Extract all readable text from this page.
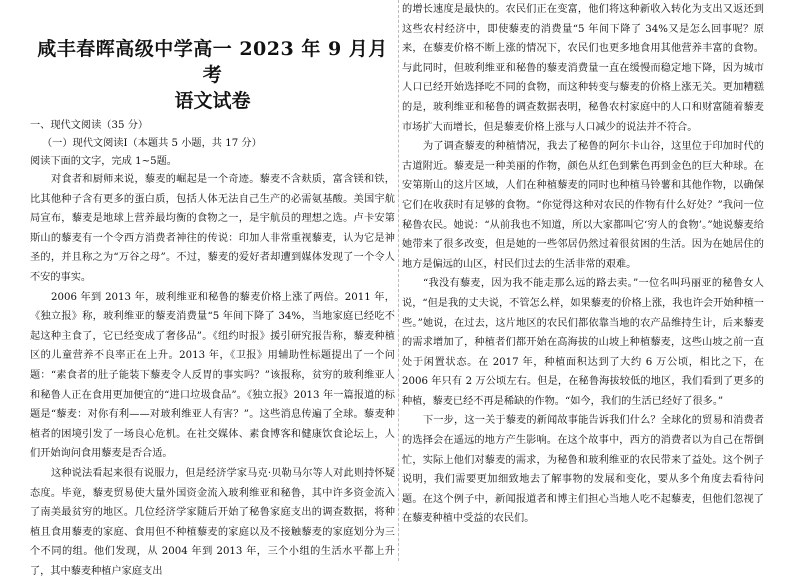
咸丰春晖高级中学高一 2023 年 9 月月考
语文试卷
一、现代文阅读（35 分）
（一）现代文阅读Ⅰ（本题共 5 小题，共 17 分）
阅读下面的文字，完成 1~5题。

对食者和厨师来说，藜麦的崛起是一个奇迹。藜麦不含麸质，富含镁和铁，比其他种子含有更多的蛋白质，包括人体无法自己生产的必需氨基酸。美国宇航局宣布，藜麦是地球上营养最均衡的食物之一，是宇航员的理想之选。卢卡安第斯山的藜麦有一个令西方消费者神往的传说：印加人非常重视藜麦，认为它是神圣的，并且称之为“万谷之母”。不过，藜麦的爱好者却遭到媒体发现了一个令人不安的事实。

2006 年到 2013 年，玻利维亚和秘鲁的藜麦价格上涨了两倍。2011 年，《独立报》称，玻利维亚的藜麦消费量“5 年间下降了 34%，当地家庭已经吃不起这种主食了，它已经变成了奢侈品”。《纽约时报》援引研究报告称，藜麦种植区的儿童营养不良率正在上升。2013 年，《卫报》用辅助性标题提出了一个问题：“素食者的肚子能装下藜麦令人反胃的事实吗？”该报称，贫穷的玻利维亚人和秘鲁人正在食用更加便宜的“进口垃圾食品”。《独立报》2013 年一篇报道的标题是“藜麦：对你有利——对玻利维亚人有害？”。这些消息传遍了全球。藜麦种植者的困境引发了一场良心危机。在社交媒体、素食博客和健康饮食论坛上，人们开始询问食用藜麦是否合适。

这种说法看起来很有说服力，但是经济学家马克·贝勒马尔等人对此则持怀疑态度。毕竟，藜麦贸易使大量外国资金流入玻利维亚和秘鲁，其中许多资金流入了南美最贫穷的地区。几位经济学家随后开始了秘鲁家庭支出的调查数据，将种植且食用藜麦的家庭、食用但不种植藜麦的家庭以及不接触藜麦的家庭划分为三个不同的组。他们发现，从 2004 年到 2013 年，三个小组的生活水平都上升了，其中藜麦种植户家庭支出

的增长速度是最快的。农民们正在变富，他们将这种新收入转化为支出又返还到这些农村经济中，即使藜麦的消费量“5 年间下降了 34%又是怎么回事呢？原来，在藜麦价格不断上涨的情况下，农民们也更多地食用其他营养丰富的食物。与此同时，但玻利维亚和秘鲁的藜麦消费量一直在缓慢而稳定地下降，因为城市人口已经开始选择吃不同的食物，而这种转变与藜麦的价格上涨无关。更加糟糕的是，玻利维亚和秘鲁的调查数据表明，秘鲁农村家庭中的人口和财富随着藜麦市场扩大而增长，但是藜麦价格上涨与人口减少的说法并不符合。

为了调查藜麦的种植情况，我去了秘鲁的阿尔卡山谷，这里位于印加时代的古道附近。藜麦是一种美丽的作物，颜色从红色到紫色再到金色的巨大种球。在安第斯山的这片区域，人们在种植藜麦的同时也种植马铃薯和其他作物，以确保它们在收获时有足够的食物。“你觉得这种对农民的作物有什么好处？”我问一位秘鲁农民。她说：“从前我也不知道，所以大家都叫它‘穷人的食物’。”她说藜麦给她带来了很多改变，但是她的一些邻居仍然过着很贫困的生活。因为在她居住的地方是偏远的山区，村民们过去的生活非常的艰难。

“我没有藜麦，因为我不能走那么远的路去卖。”一位名叫玛丽亚的秘鲁女人说，“但是我的丈夫说，不管怎么样，如果藜麦的价格上涨，我也许会开始种植一些。”她说，在过去，这片地区的农民们都依靠当地的农产品维持生计，后来藜麦的需求增加了，种植者们都开始在高海拔的山坡上种植藜麦，这些山坡之前一直处于闲置状态。在 2017 年，种植面积达到了大约 6 万公顷，相比之下，在 2006 年只有 2 万公顷左右。但是，在秘鲁海拔较低的地区，我们看到了更多的种植，藜麦已经不再是稀缺的作物。“如今，我们的生活已经好了很多。”

下一步，这一关于藜麦的新闻故事能告诉我们什么？全球化的贸易和消费者的选择会在遥远的地方产生影响。在这个故事中，西方的消费者以为自己在帮倒忙，实际上他们对藜麦的需求，为秘鲁和玻利维亚的农民带来了益处。这个例子说明，我们需要更加细致地去了解事物的发展和变化，要从多个角度去看待问题。在这个例子中，新闻报道者和博主们担心当地人吃不起藜麦，但他们忽视了在藜麦种植中受益的农民们。
